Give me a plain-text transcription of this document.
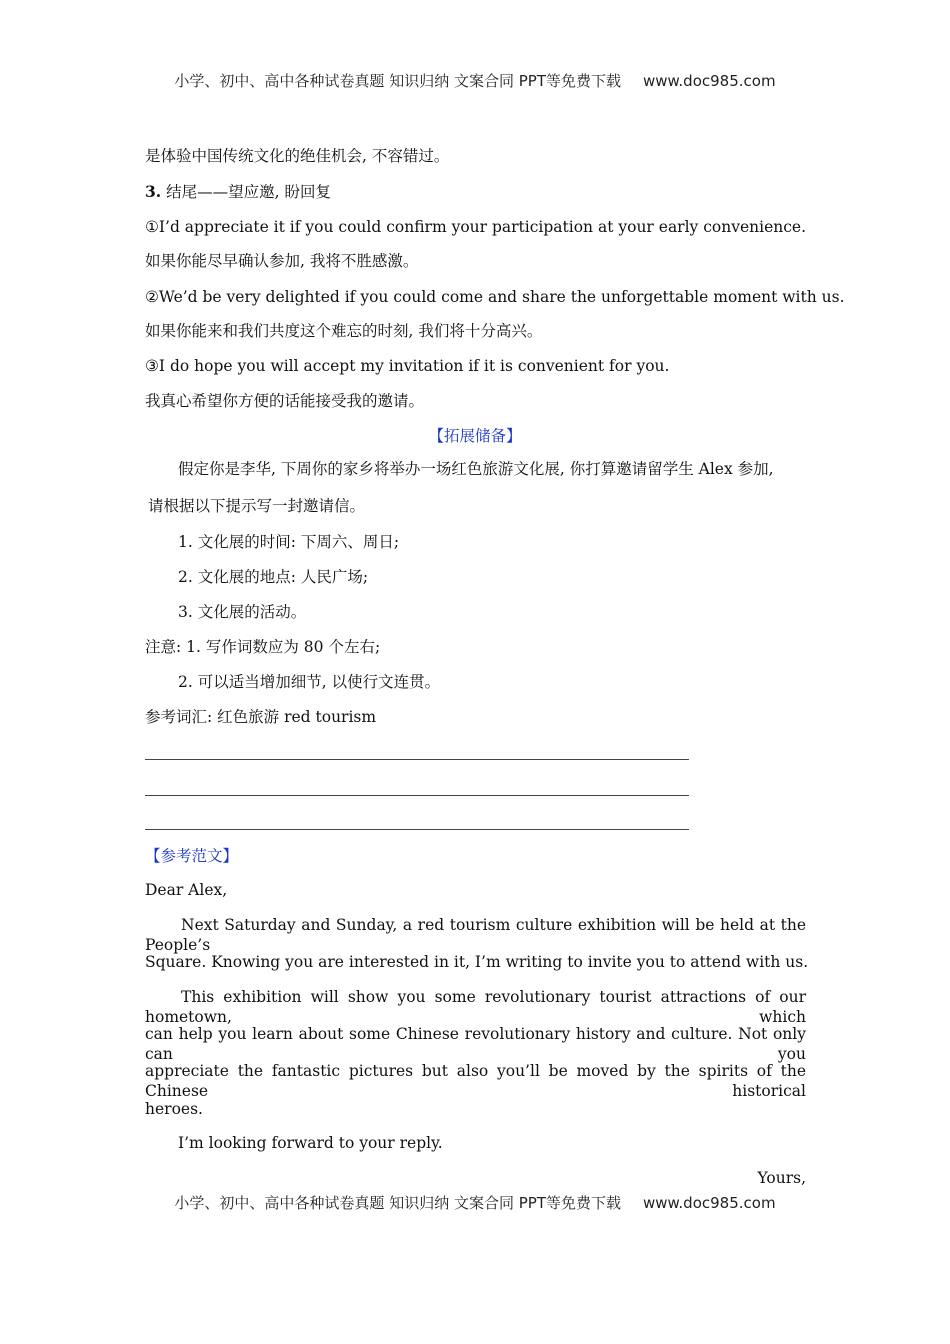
小学、初中、高中各种试卷真题 知识归纳 文案合同 PPT等免费下载 www.doc985.com
是体验中国传统文化的绝佳机会, 不容错过。
3. 结尾——望应邀, 盼回复
①I’d appreciate it if you could confirm your participation at your early convenience.
如果你能尽早确认参加, 我将不胜感激。
②We’d be very delighted if you could come and share the unforgettable moment with us.
如果你能来和我们共度这个难忘的时刻, 我们将十分高兴。
③I do hope you will accept my invitation if it is convenient for you.
我真心希望你方便的话能接受我的邀请。
【拓展储备】
假定你是李华, 下周你的家乡将举办一场红色旅游文化展, 你打算邀请留学生 Alex 参加,
请根据以下提示写一封邀请信。
1. 文化展的时间: 下周六、周日;
2. 文化展的地点: 人民广场;
3. 文化展的活动。
注意: 1. 写作词数应为 80 个左右;
2. 可以适当增加细节, 以使行文连贯。
参考词汇: 红色旅游 red tourism
【参考范文】
Dear Alex,
Next Saturday and Sunday, a red tourism culture exhibition will be held at the People’s
Square. Knowing you are interested in it, I’m writing to invite you to attend with us.
This exhibition will show you some revolutionary tourist attractions of our hometown, which
can help you learn about some Chinese revolutionary history and culture. Not only can you
appreciate the fantastic pictures but also you’ll be moved by the spirits of the Chinese historical
heroes.
I’m looking forward to your reply.
Yours,
小学、初中、高中各种试卷真题 知识归纳 文案合同 PPT等免费下载 www.doc985.com
